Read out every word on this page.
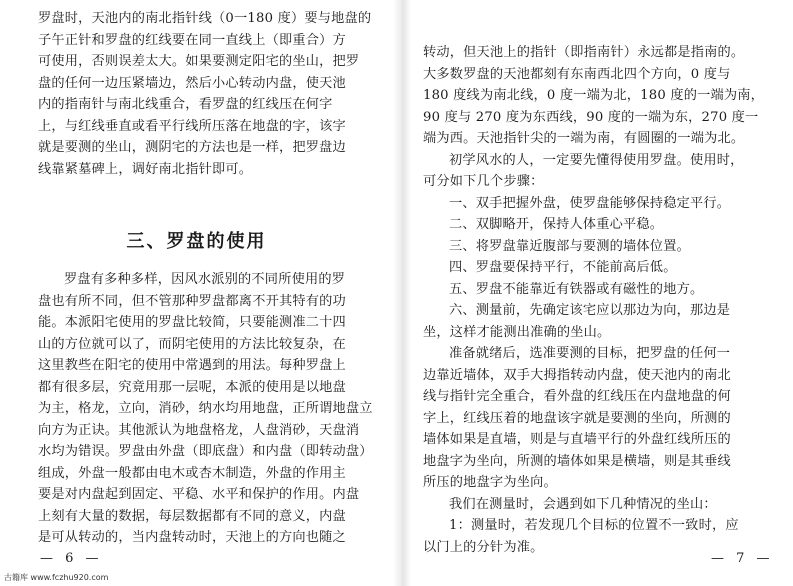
罗盘时，天池内的南北指针线（0一180 度）要与地盘的
子午正针和罗盘的红线要在同一直线上（即重合）方
可使用，否则误差太大。如果要测定阳宅的坐山，把罗
盘的任何一边压紧墙边，然后小心转动内盘，使天池
内的指南针与南北线重合，看罗盘的红线压在何字
上，与红线垂直或看平行线所压落在地盘的字，该字
就是要测的坐山，测阴宅的方法也是一样，把罗盘边
线靠紧墓碑上，调好南北指针即可。
三、罗盘的使用
罗盘有多种多样，因风水派别的不同所使用的罗
盘也有所不同，但不管那种罗盘都离不开其特有的功
能。本派阳宅使用的罗盘比较简，只要能测准二十四
山的方位就可以了，而阴宅使用的方法比较复杂，在
这里教些在阳宅的使用中常遇到的用法。每种罗盘上
都有很多层，究竟用那一层呢，本派的使用是以地盘
为主，格龙，立向，消砂，纳水均用地盘，正所谓地盘立
向方为正诀。其他派认为地盘格龙，人盘消砂，天盘消
水均为错误。罗盘由外盘（即底盘）和内盘（即转动盘）
组成，外盘一般都由电木或杏木制造，外盘的作用主
要是对内盘起到固定、平稳、水平和保护的作用。内盘
上刻有大量的数据，每层数据都有不同的意义，内盘
是可从转动的，当内盘转动时，天池上的方向也随之
— 6 —
转动，但天池上的指针（即指南针）永远都是指南的。
大多数罗盘的天池都刻有东南西北四个方向，0 度与
180 度线为南北线，0 度一端为北，180 度的一端为南，
90 度与 270 度为东西线，90 度的一端为东，270 度一
端为西。天池指针尖的一端为南，有圆圈的一端为北。
初学风水的人，一定要先懂得使用罗盘。使用时，
可分如下几个步骤：
一、双手把握外盘，使罗盘能够保持稳定平行。
二、双脚略开，保持人体重心平稳。
三、将罗盘靠近腹部与要测的墙体位置。
四、罗盘要保持平行，不能前高后低。
五、罗盘不能靠近有铁器或有磁性的地方。
六、测量前，先确定该宅应以那边为向，那边是
坐，这样才能测出准确的坐山。
准备就绪后，选准要测的目标，把罗盘的任何一
边靠近墙体，双手大拇指转动内盘，使天池内的南北
线与指针完全重合，看外盘的红线压在内盘地盘的何
字上，红线压着的地盘该字就是要测的坐向，所测的
墙体如果是直墙，则是与直墙平行的外盘红线所压的
地盘字为坐向，所测的墙体如果是横墙，则是其垂线
所压的地盘字为坐向。
我们在测量时，会遇到如下几种情况的坐山：
1：测量时，若发现几个目标的位置不一致时，应
以门上的分针为准。
— 7 —
古籍库 www.fczhu920.com
